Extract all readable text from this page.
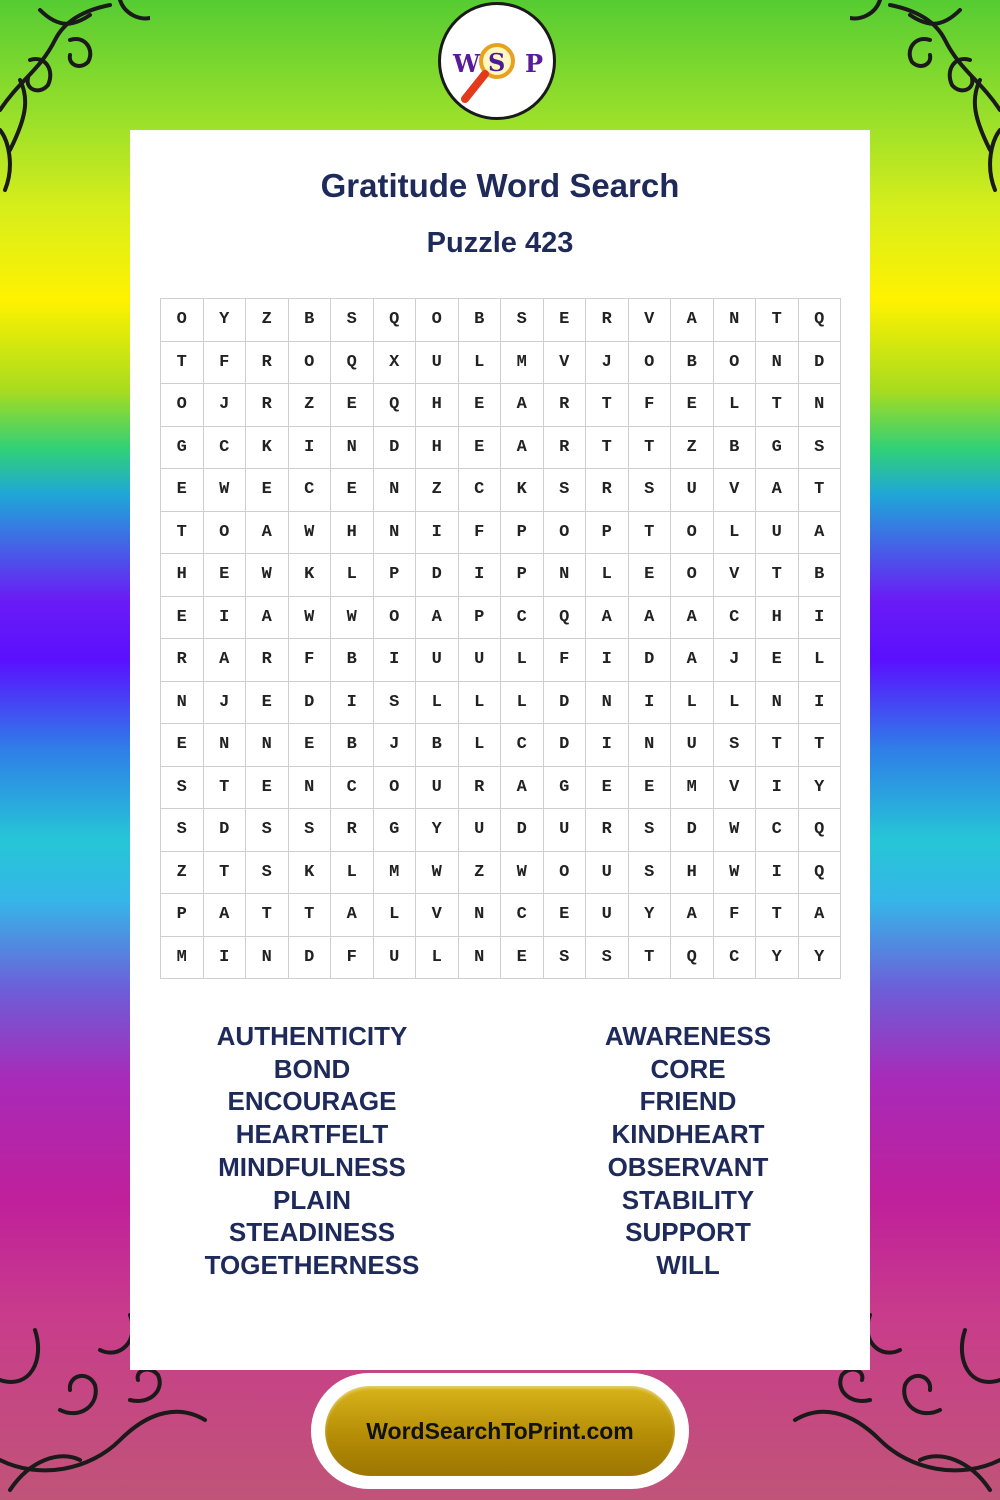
W S P
Gratitude Word Search
Puzzle 423
O	Y	Z	B	S	Q	O	B	S	E	R	V	A	N	T	Q
T	F	R	O	Q	X	U	L	M	V	J	O	B	O	N	D
O	J	R	Z	E	Q	H	E	A	R	T	F	E	L	T	N
G	C	K	I	N	D	H	E	A	R	T	T	Z	B	G	S
E	W	E	C	E	N	Z	C	K	S	R	S	U	V	A	T
T	O	A	W	H	N	I	F	P	O	P	T	O	L	U	A
H	E	W	K	L	P	D	I	P	N	L	E	O	V	T	B
E	I	A	W	W	O	A	P	C	Q	A	A	A	C	H	I
R	A	R	F	B	I	U	U	L	F	I	D	A	J	E	L
N	J	E	D	I	S	L	L	L	D	N	I	L	L	N	I
E	N	N	E	B	J	B	L	C	D	I	N	U	S	T	T
S	T	E	N	C	O	U	R	A	G	E	E	M	V	I	Y
S	D	S	S	R	G	Y	U	D	U	R	S	D	W	C	Q
Z	T	S	K	L	M	W	Z	W	O	U	S	H	W	I	Q
P	A	T	T	A	L	V	N	C	E	U	Y	A	F	T	A
M	I	N	D	F	U	L	N	E	S	S	T	Q	C	Y	Y
AUTHENTICITY
BOND
ENCOURAGE
HEARTFELT
MINDFULNESS
PLAIN
STEADINESS
TOGETHERNESS
AWARENESS
CORE
FRIEND
KINDHEART
OBSERVANT
STABILITY
SUPPORT
WILL
WordSearchToPrint.com
